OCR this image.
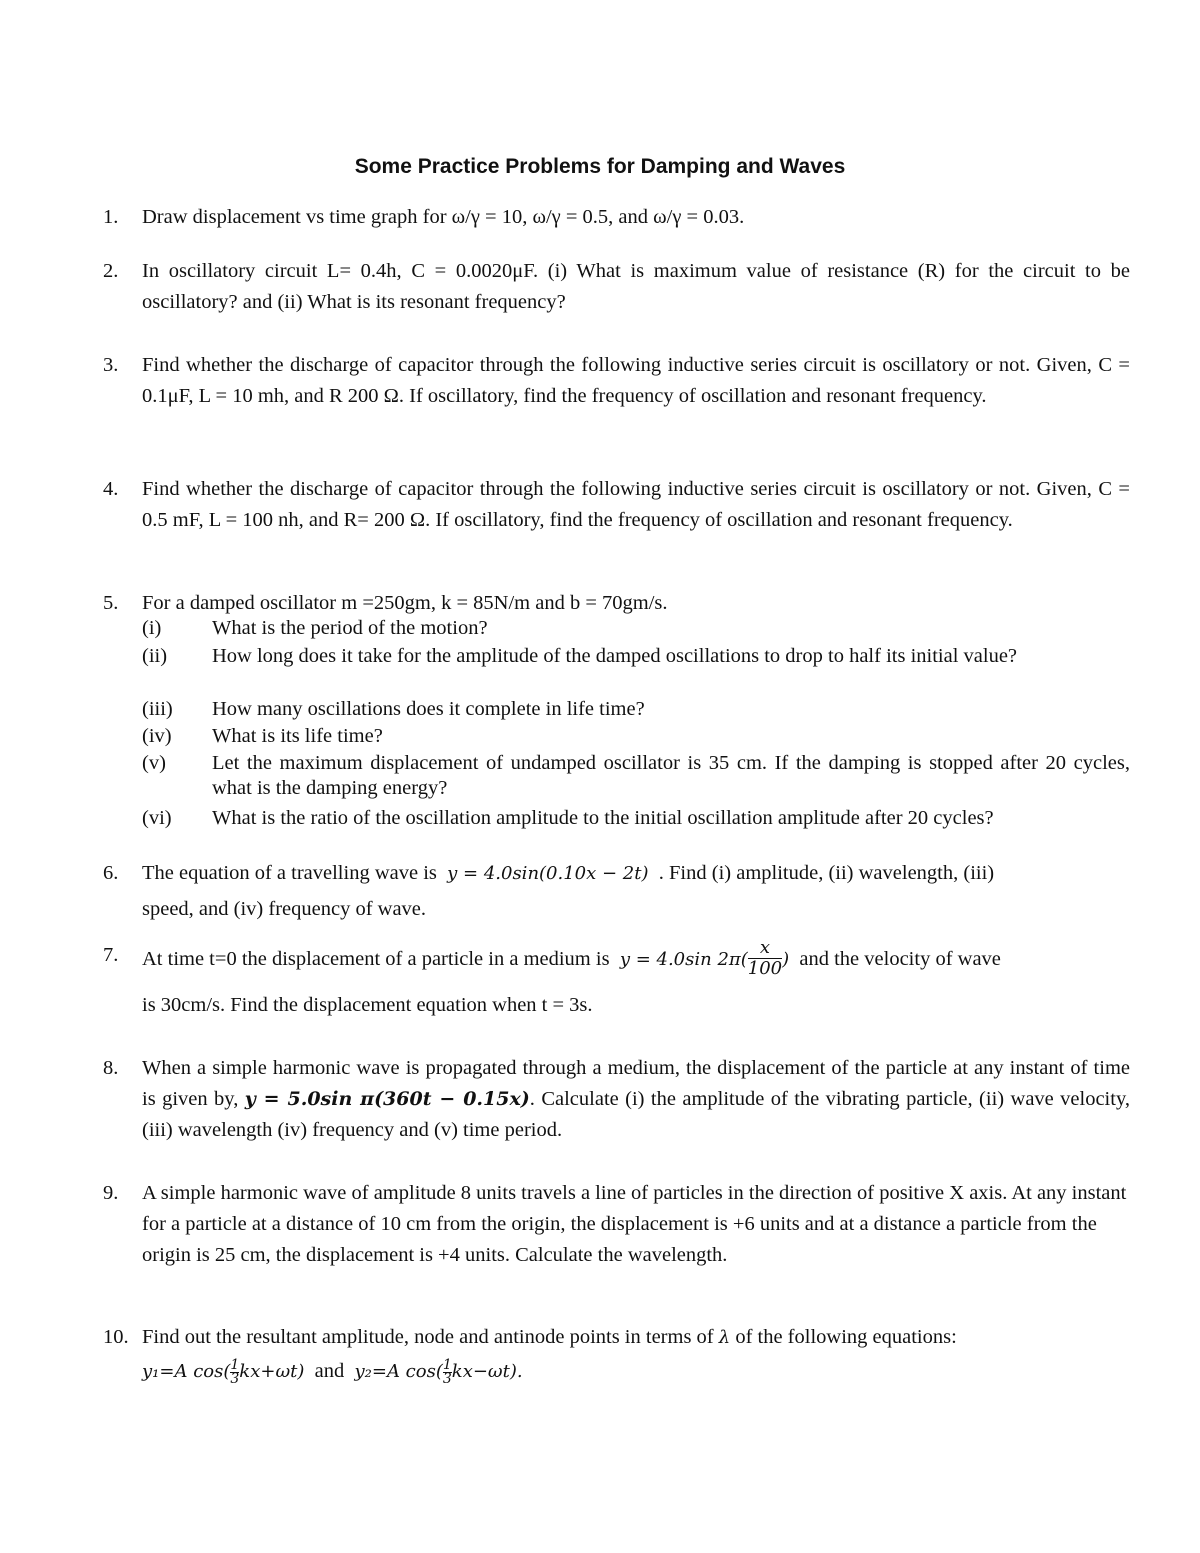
Some Practice Problems for Damping and Waves
1.	Draw displacement vs time graph for ω/γ = 10, ω/γ = 0.5, and ω/γ = 0.03.
2.	In oscillatory circuit L= 0.4h, C = 0.0020μF. (i) What is maximum value of resistance (R) for the circuit to be oscillatory? and (ii) What is its resonant frequency?
3.	Find whether the discharge of capacitor through the following inductive series circuit is oscillatory or not. Given, C = 0.1μF, L = 10 mh, and R 200 Ω. If oscillatory, find the frequency of oscillation and resonant frequency.
4.	Find whether the discharge of capacitor through the following inductive series circuit is oscillatory or not. Given, C = 0.5 mF, L = 100 nh, and R= 200 Ω. If oscillatory, find the frequency of oscillation and resonant frequency.
5.	For a damped oscillator m =250gm, k = 85N/m and b = 70gm/s.
(i)	What is the period of the motion?
(ii)	How long does it take for the amplitude of the damped oscillations to drop to half its initial value?
(iii)	How many oscillations does it complete in life time?
(iv)	What is its life time?
(v)	Let the maximum displacement of undamped oscillator is 35 cm. If the damping is stopped after 20 cycles, what is the damping energy?
(vi)	What is the ratio of the oscillation amplitude to the initial oscillation amplitude after 20 cycles?
6.	The equation of a travelling wave is y = 4.0sin(0.10x − 2t) . Find (i) amplitude, (ii) wavelength, (iii)
speed, and (iv) frequency of wave.
7.	At time t=0 the displacement of a particle in a medium is y = 4.0sin $2\pi( \frac{x}{100}$ ) and the velocity of wave
is 30cm/s. Find the displacement equation when t = 3s.
8.	When a simple harmonic wave is propagated through a medium, the displacement of the particle at any instant of time is given by, y = 5.0sin π(360t − 0.15x). Calculate (i) the amplitude of the vibrating particle, (ii) wave velocity, (iii) wavelength (iv) frequency and (v) time period.
9.	A simple harmonic wave of amplitude 8 units travels a line of particles in the direction of positive X axis. At any instant for a particle at a distance of 10 cm from the origin, the displacement is +6 units and at a distance a particle from the origin is 25 cm, the displacement is +4 units. Calculate the wavelength.
10. Find out the resultant amplitude, node and antinode points in terms of λ of the following equations:
y₁=A $\cos( \frac{1}{3} kx+\omega t)$ and y₂=A $\cos( \frac{1}{3} kx-\omega t)$.
